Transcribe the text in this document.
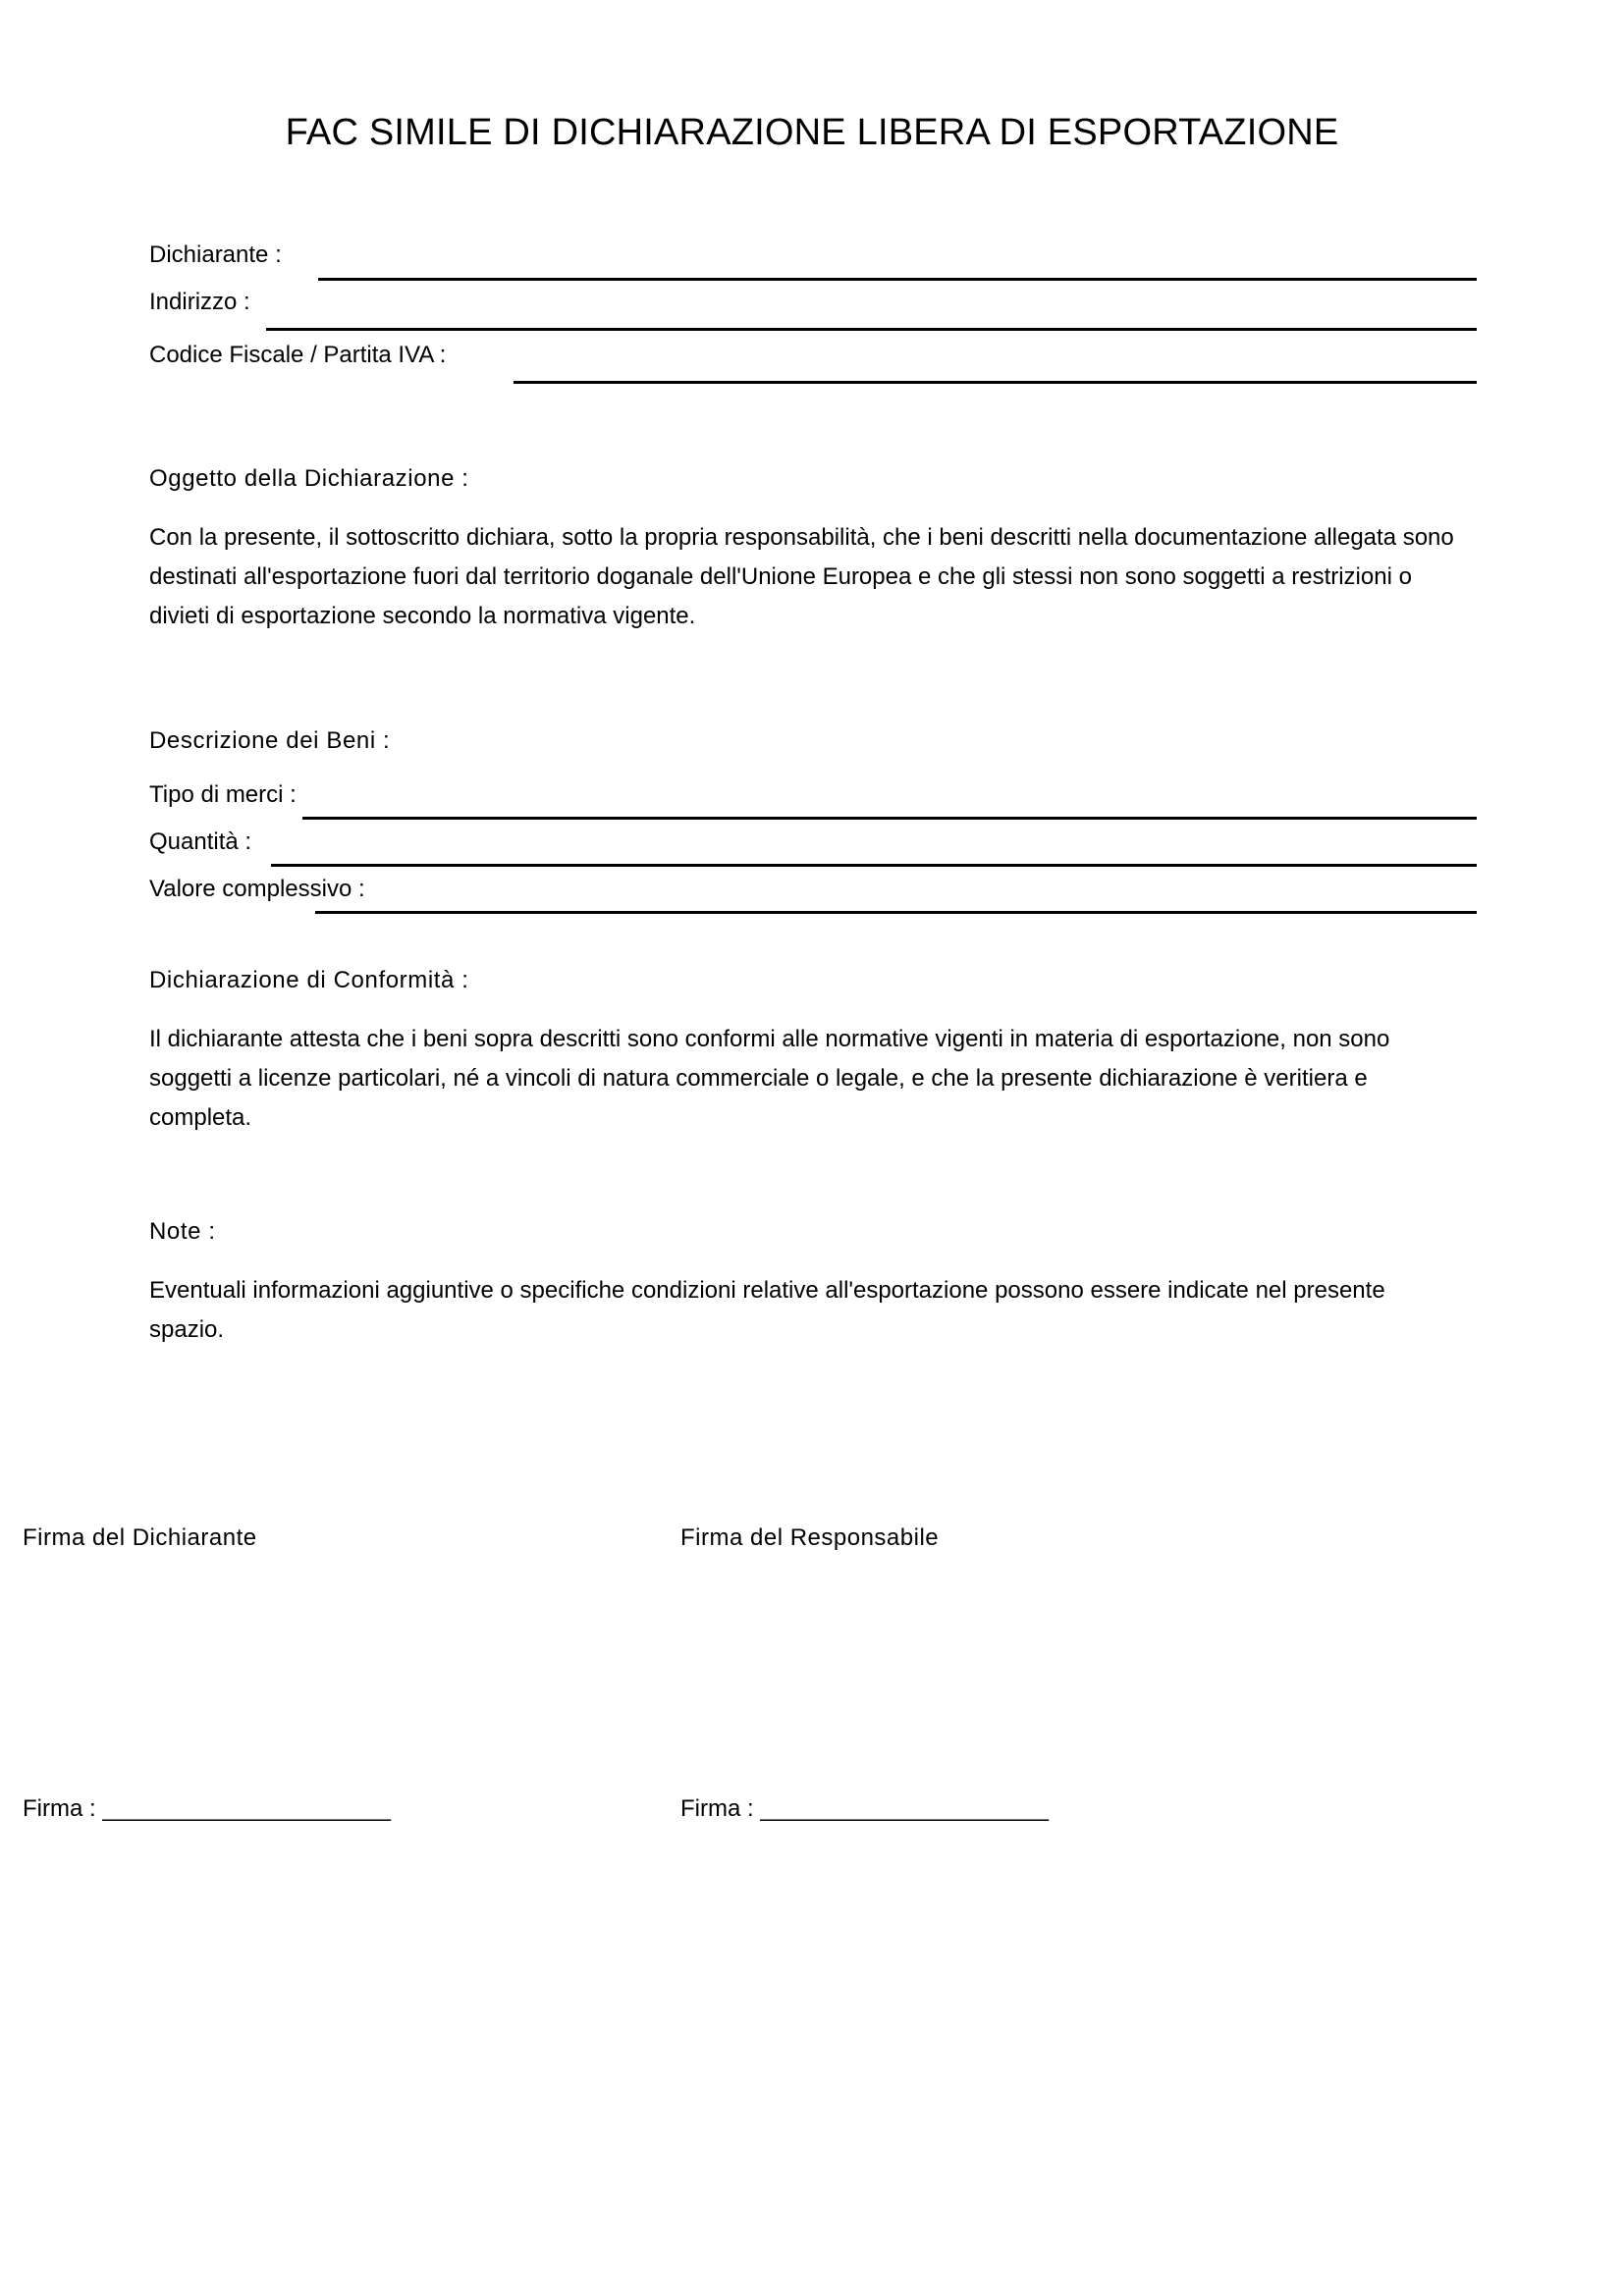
FAC SIMILE DI DICHIARAZIONE LIBERA DI ESPORTAZIONE
Dichiarante :
Indirizzo :
Codice Fiscale / Partita IVA :
Oggetto della Dichiarazione :
Con la presente, il sottoscritto dichiara, sotto la propria responsabilità, che i beni descritti nella documentazione allegata sono destinati all'esportazione fuori dal territorio doganale dell'Unione Europea e che gli stessi non sono soggetti a restrizioni o divieti di esportazione secondo la normativa vigente.
Descrizione dei Beni :
Tipo di merci :
Quantità :
Valore complessivo :
Dichiarazione di Conformità :
Il dichiarante attesta che i beni sopra descritti sono conformi alle normative vigenti in materia di esportazione, non sono soggetti a licenze particolari, né a vincoli di natura commerciale o legale, e che la presente dichiarazione è veritiera e completa.
Note :
Eventuali informazioni aggiuntive o specifiche condizioni relative all'esportazione possono essere indicate nel presente spazio.
Firma del Dichiarante	Firma del Responsabile
Firma : ______________________	Firma : ______________________
